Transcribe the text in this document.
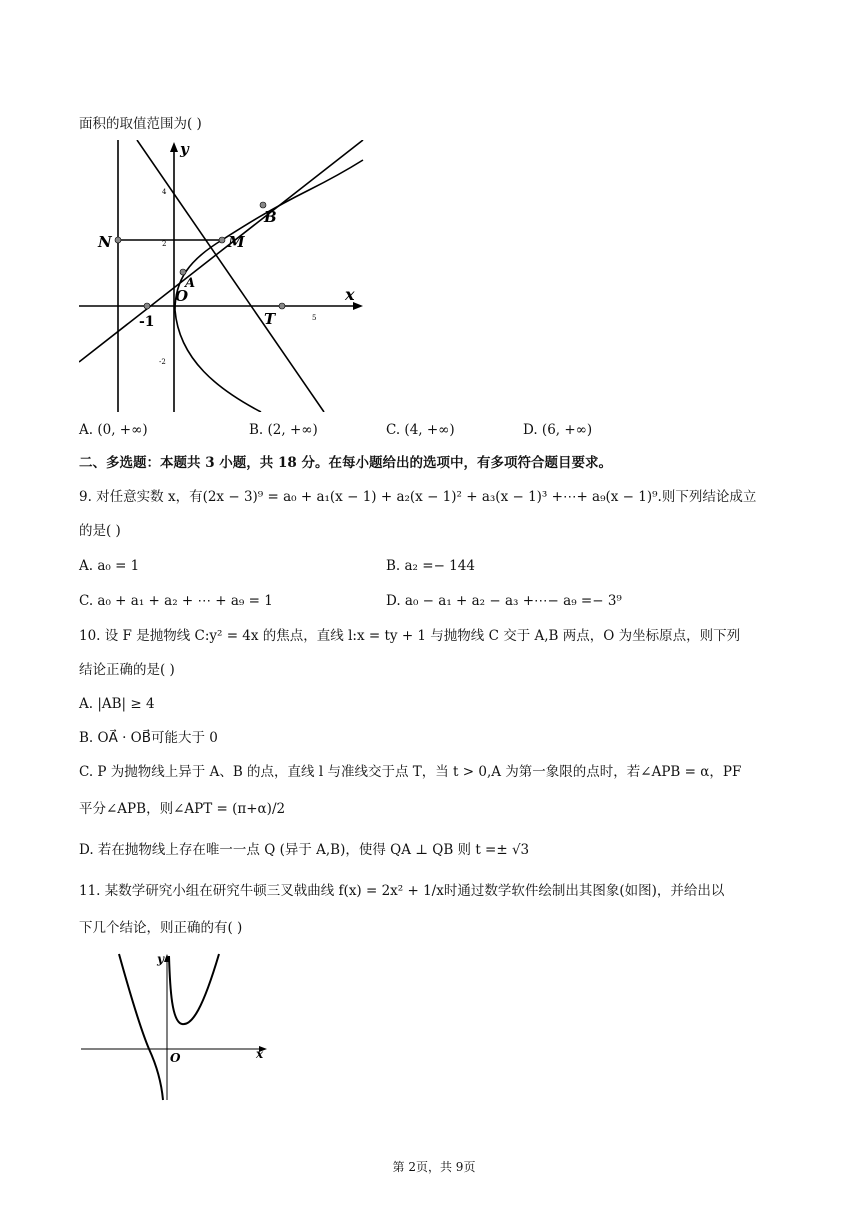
面积的取值范围为( )
y
x
N	M
B
A
O
T
-1
4
2
-2
5
A. (0, +∞)	B. (2, +∞)	C. (4, +∞)	D. (6, +∞)
二、多选题：本题共 3 小题，共 18 分。在每小题给出的选项中，有多项符合题目要求。
9. 对任意实数 x，有(2x − 3)⁹ = a₀ + a₁(x − 1) + a₂(x − 1)² + a₃(x − 1)³ +⋯+ a₉(x − 1)⁹.则下列结论成立
的是( )
A. a₀ = 1	B. a₂ =− 144
C. a₀ + a₁ + a₂ + ⋯ + a₉ = 1	D. a₀ − a₁ + a₂ − a₃ +⋯− a₉ =− 3⁹
10. 设 F 是抛物线 C:y² = 4x 的焦点，直线 l:x = ty + 1 与抛物线 C 交于 A,B 两点，O 为坐标原点，则下列
结论正确的是( )
A. |AB| ≥ 4
B. OA⃗ · OB⃗可能大于 0
C. P 为抛物线上异于 A、B 的点，直线 l 与准线交于点 T，当 t > 0,A 为第一象限的点时，若∠APB = α，PF
平分∠APB，则∠APT = (π+α)/2
D. 若在抛物线上存在唯一一点 Q (异于 A,B)，使得 QA ⊥ QB 则 t =± √3
11. 某数学研究小组在研究牛顿三叉戟曲线 f(x) = 2x² + 1/x时通过数学软件绘制出其图象(如图)，并给出以
下几个结论，则正确的有( )
y
x
O
第 2页，共 9页
